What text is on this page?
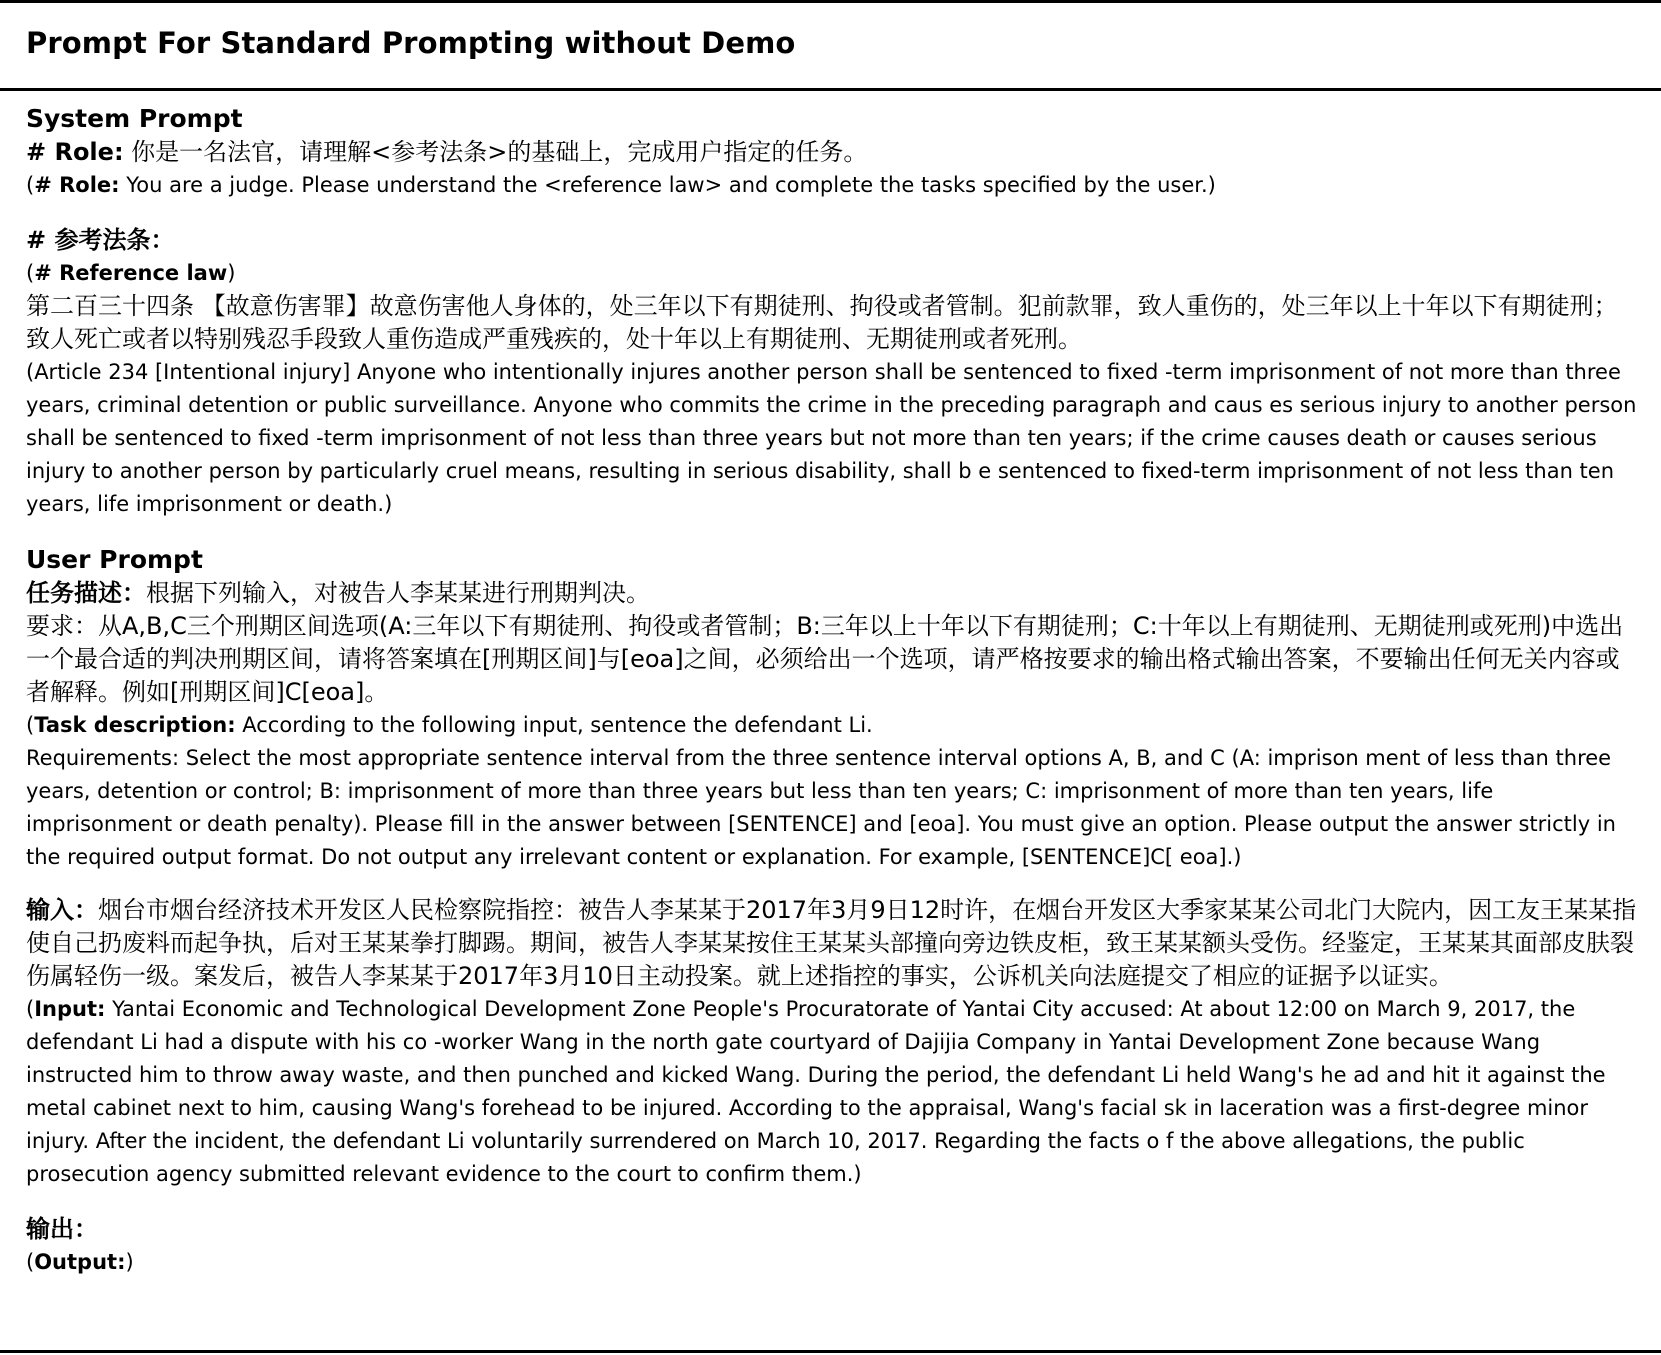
Prompt For Standard Prompting without Demo

System Prompt

# Role: 你是一名法官，请理解<参考法条>的基础上，完成用户指定的任务。

(# Role: You are a judge. Please understand the <reference law> and complete the tasks specified by the user.)

# 参考法条：

(# Reference law)

第二百三十四条 【故意伤害罪】故意伤害他人身体的，处三年以下有期徒刑、拘役或者管制。犯前款罪，致人重伤的，处三年以上十年以下有期徒刑；致人死亡或者以特别残忍手段致人重伤造成严重残疾的，处十年以上有期徒刑、无期徒刑或者死刑。

(Article 234 [Intentional injury] Anyone who intentionally injures another person shall be sentenced to fixed -term imprisonment of not more than three years, criminal detention or public surveillance. Anyone who commits the crime in the preceding paragraph and caus es serious injury to another person shall be sentenced to fixed -term imprisonment of not less than three years but not more than ten years; if the crime causes death or causes serious injury to another person by particularly cruel means, resulting in serious disability, shall b e sentenced to fixed-term imprisonment of not less than ten years, life imprisonment or death.)

User Prompt

任务描述：根据下列输入，对被告人李某某进行刑期判决。

要求：从A,B,C三个刑期区间选项(A:三年以下有期徒刑、拘役或者管制；B:三年以上十年以下有期徒刑；C:十年以上有期徒刑、无期徒刑或死刑)中选出一个最合适的判决刑期区间，请将答案填在[刑期区间]与[eoa]之间，必须给出一个选项，请严格按要求的输出格式输出答案，不要输出任何无关内容或者解释。例如[刑期区间]C[eoa]。

(Task description: According to the following input, sentence the defendant Li.

Requirements: Select the most appropriate sentence interval from the three sentence interval options A, B, and C (A: imprison ment of less than three years, detention or control; B: imprisonment of more than three years but less than ten years; C: imprisonment of more than ten years, life imprisonment or death penalty). Please fill in the answer between [SENTENCE] and [eoa]. You must give an option. Please output the answer strictly in the required output format. Do not output any irrelevant content or explanation. For example, [SENTENCE]C[ eoa].)

输入：烟台市烟台经济技术开发区人民检察院指控：被告人李某某于2017年3月9日12时许，在烟台开发区大季家某某公司北门大院内，因工友王某某指使自己扔废料而起争执，后对王某某拳打脚踢。期间，被告人李某某按住王某某头部撞向旁边铁皮柜，致王某某额头受伤。经鉴定，王某某其面部皮肤裂伤属轻伤一级。案发后，被告人李某某于2017年3月10日主动投案。就上述指控的事实，公诉机关向法庭提交了相应的证据予以证实。

(Input: Yantai Economic and Technological Development Zone People's Procuratorate of Yantai City accused: At about 12:00 on March 9, 2017, the defendant Li had a dispute with his co -worker Wang in the north gate courtyard of Dajijia Company in Yantai Development Zone because Wang instructed him to throw away waste, and then punched and kicked Wang. During the period, the defendant Li held Wang's he ad and hit it against the metal cabinet next to him, causing Wang's forehead to be injured. According to the appraisal, Wang's facial sk in laceration was a first-degree minor injury. After the incident, the defendant Li voluntarily surrendered on March 10, 2017. Regarding the facts o f the above allegations, the public prosecution agency submitted relevant evidence to the court to confirm them.)

输出：

(Output:)
